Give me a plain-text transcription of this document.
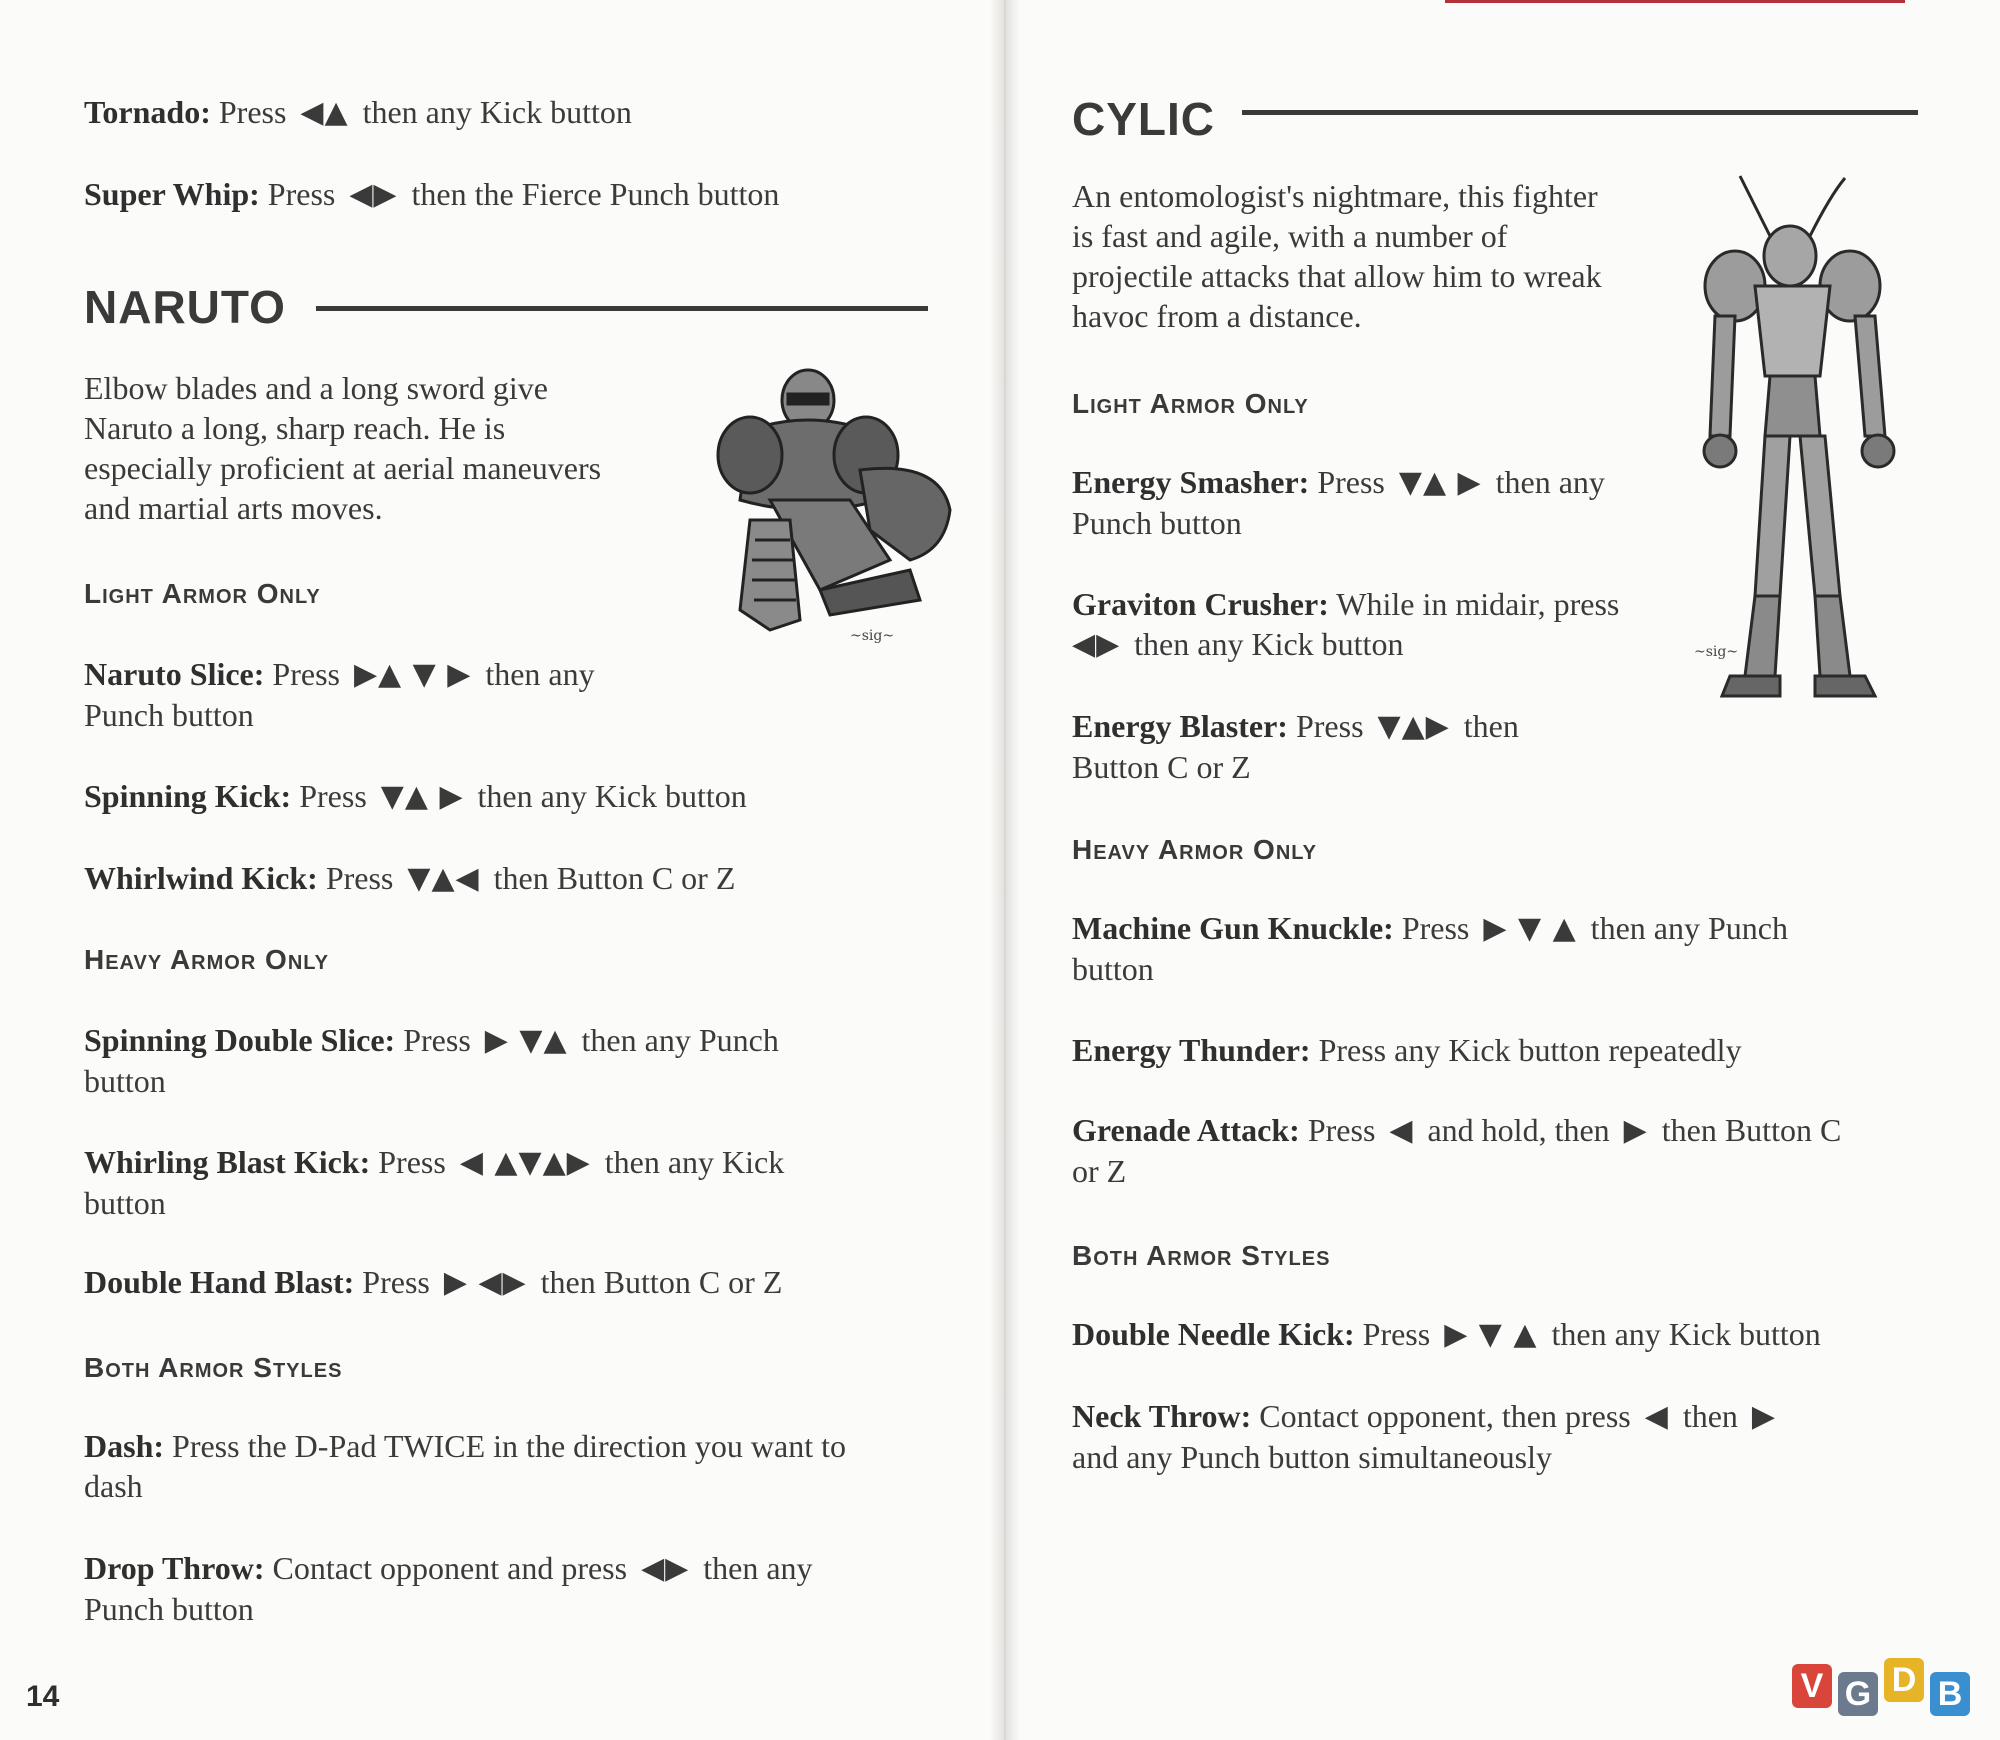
Tornado: Press ◀▲ then any Kick button

Super Whip: Press ◀▶ then the Fierce Punch button

NARUTO
Elbow blades and a long sword give
Naruto a long, sharp reach. He is
especially proficient at aerial maneuvers
and martial arts moves.
~sig~

Light Armor Only

Naruto Slice: Press ▶▲ ▼ ▶ then any
Punch button

Spinning Kick: Press ▼▲ ▶ then any Kick button

Whirlwind Kick: Press ▼▲◀ then Button C or Z

Heavy Armor Only

Spinning Double Slice: Press ▶ ▼▲ then any Punch
button
Whirling Blast Kick: Press ◀ ▲▼▲▶ then any Kick
button

Double Hand Blast: Press ▶ ◀▶ then Button C or Z

Both Armor Styles

Dash: Press the D-Pad TWICE in the direction you want to
dash
Drop Throw: Contact opponent and press ◀▶ then any
Punch button

14

CYLIC
An entomologist's nightmare, this fighter
is fast and agile, with a number of
projectile attacks that allow him to wreak
havoc from a distance.
~sig~

Light Armor Only

Energy Smasher: Press ▼▲ ▶ then any
Punch button
Graviton Crusher: While in midair, press
◀▶ then any Kick button
Energy Blaster: Press ▼▲▶ then
Button C or Z

Heavy Armor Only

Machine Gun Knuckle: Press ▶ ▼ ▲ then any Punch
button

Energy Thunder: Press any Kick button repeatedly

Grenade Attack: Press ◀ and hold, then ▶ then Button C
or Z

Both Armor Styles

Double Needle Kick: Press ▶ ▼ ▲ then any Kick button

Neck Throw: Contact opponent, then press ◀ then ▶
and any Punch button simultaneously
V G D B
